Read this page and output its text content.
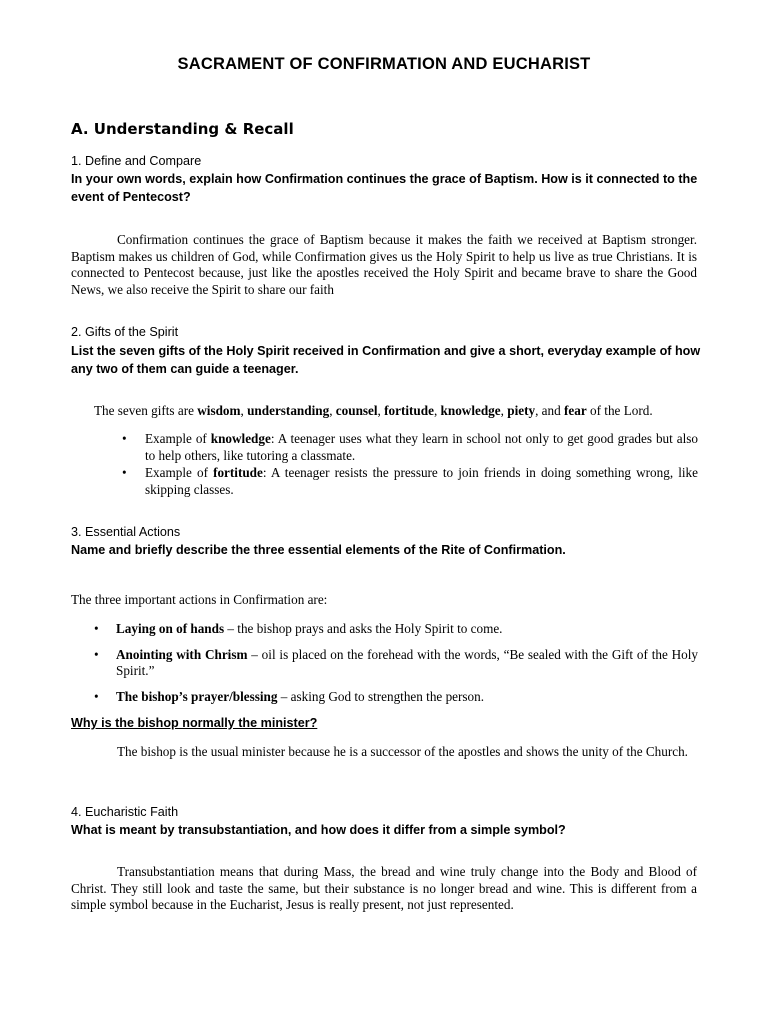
SACRAMENT OF CONFIRMATION AND EUCHARIST
A. Understanding & Recall
1. Define and Compare
In your own words, explain how Confirmation continues the grace of Baptism. How is it connected to the event of Pentecost?

Confirmation continues the grace of Baptism because it makes the faith we received at Baptism stronger. Baptism makes us children of God, while Confirmation gives us the Holy Spirit to help us live as true Christians. It is connected to Pentecost because, just like the apostles received the Holy Spirit and became brave to share the Good News, we also receive the Spirit to share our faith

2. Gifts of the Spirit
List the seven gifts of the Holy Spirit received in Confirmation and give a short, everyday example of how any two of them can guide a teenager.

The seven gifts are wisdom, understanding, counsel, fortitude, knowledge, piety, and fear of the Lord.

• Example of knowledge: A teenager uses what they learn in school not only to get good grades but also to help others, like tutoring a classmate.
• Example of fortitude: A teenager resists the pressure to join friends in doing something wrong, like skipping classes.
3. Essential Actions
Name and briefly describe the three essential elements of the Rite of Confirmation.

The three important actions in Confirmation are:

• Laying on of hands – the bishop prays and asks the Holy Spirit to come.
• Anointing with Chrism – oil is placed on the forehead with the words, “Be sealed with the Gift of the Holy Spirit.”
• The bishop’s prayer/blessing – asking God to strengthen the person.
Why is the bishop normally the minister?

The bishop is the usual minister because he is a successor of the apostles and shows the unity of the Church.

4. Eucharistic Faith
What is meant by transubstantiation, and how does it differ from a simple symbol?

Transubstantiation means that during Mass, the bread and wine truly change into the Body and Blood of Christ. They still look and taste the same, but their substance is no longer bread and wine. This is different from a simple symbol because in the Eucharist, Jesus is really present, not just represented.
